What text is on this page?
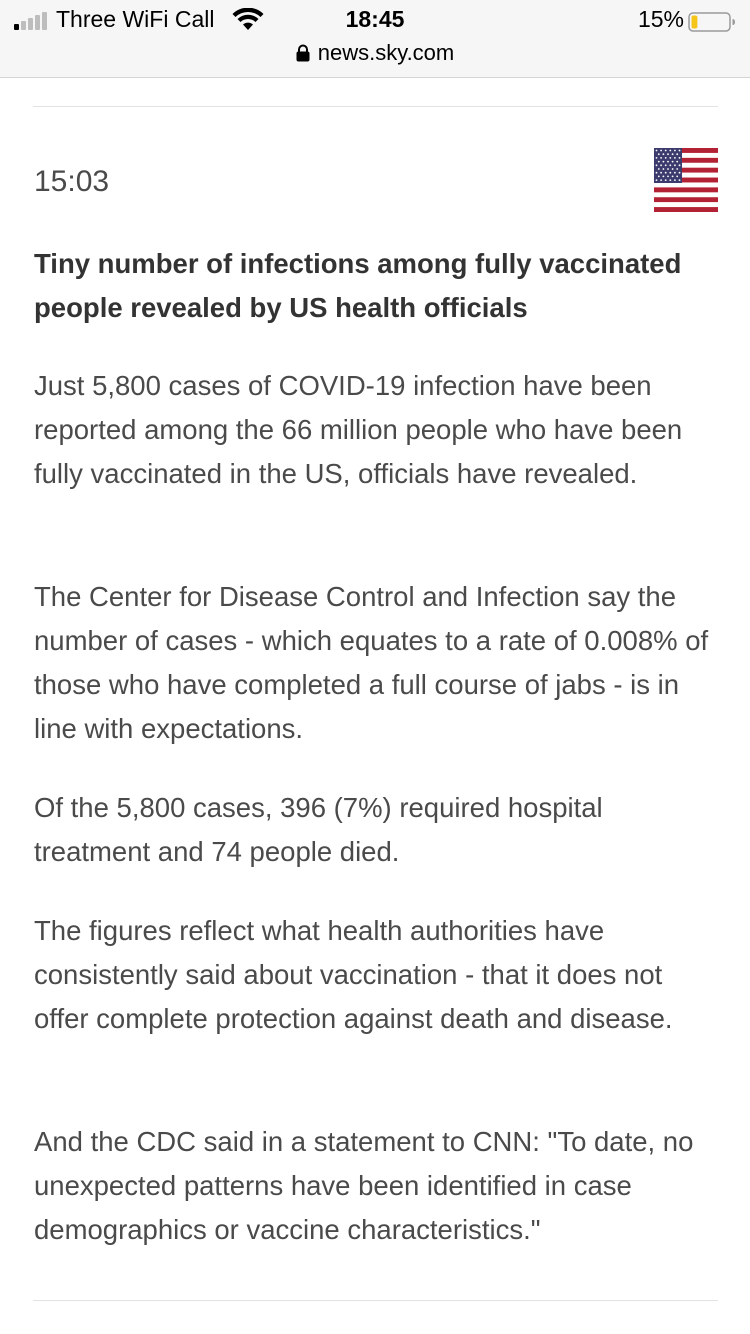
Three WiFi Call	18:45	15%
news.sky.com
15:03
Tiny number of infections among fully vaccinated people revealed by US health officials

Just 5,800 cases of COVID-19 infection have been reported among the 66 million people who have been fully vaccinated in the US, officials have revealed.

The Center for Disease Control and Infection say the number of cases - which equates to a rate of 0.008% of those who have completed a full course of jabs - is in line with expectations.

Of the 5,800 cases, 396 (7%) required hospital treatment and 74 people died.

The figures reflect what health authorities have consistently said about vaccination - that it does not offer complete protection against death and disease.

And the CDC said in a statement to CNN: "To date, no unexpected patterns have been identified in case demographics or vaccine characteristics."
